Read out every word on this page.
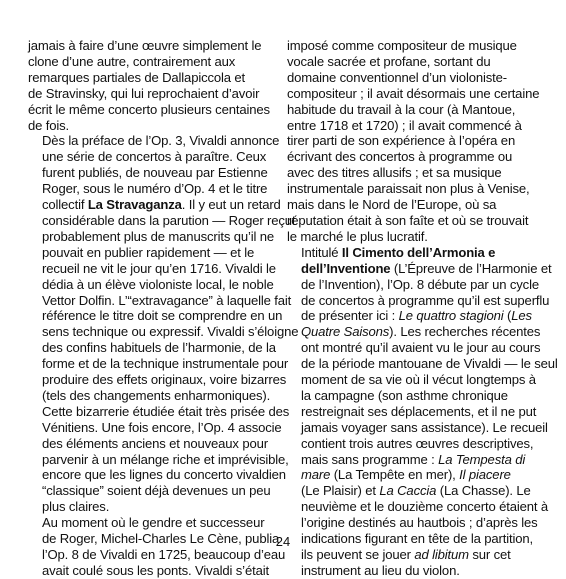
jamais à faire d’une œuvre simplement le
clone d’une autre, contrairement aux
remarques partiales de Dallapiccola et
de Stravinsky, qui lui reprochaient d’avoir
écrit le même concerto plusieurs centaines
de fois.

Dès la préface de l’Op. 3, Vivaldi annonce
une série de concertos à paraître. Ceux
furent publiés, de nouveau par Estienne
Roger, sous le numéro d’Op. 4 et le titre
collectif La Stravaganza. Il y eut un retard
considérable dans la parution — Roger reçut
probablement plus de manuscrits qu’il ne
pouvait en publier rapidement — et le
recueil ne vit le jour qu’en 1716. Vivaldi le
dédia à un élève violoniste local, le noble
Vettor Dolfin. L’“extravagance” à laquelle fait
référence le titre doit se comprendre en un
sens technique ou expressif. Vivaldi s’éloigne
des confins habituels de l’harmonie, de la
forme et de la technique instrumentale pour
produire des effets originaux, voire bizarres
(tels des changements enharmoniques).
Cette bizarrerie étudiée était très prisée des
Vénitiens. Une fois encore, l’Op. 4 associe
des éléments anciens et nouveaux pour
parvenir à un mélange riche et imprévisible,
encore que les lignes du concerto vivaldien
“classique” soient déjà devenues un peu
plus claires.

Au moment où le gendre et successeur
de Roger, Michel-Charles Le Cène, publia
l’Op. 8 de Vivaldi en 1725, beaucoup d’eau
avait coulé sous les ponts. Vivaldi s’était

imposé comme compositeur de musique
vocale sacrée et profane, sortant du
domaine conventionnel d’un violoniste-
compositeur ; il avait désormais une certaine
habitude du travail à la cour (à Mantoue,
entre 1718 et 1720) ; il avait commencé à
tirer parti de son expérience à l’opéra en
écrivant des concertos à programme ou
avec des titres allusifs ; et sa musique
instrumentale paraissait non plus à Venise,
mais dans le Nord de l’Europe, où sa
réputation était à son faîte et où se trouvait
le marché le plus lucratif.

Intitulé Il Cimento dell’Armonia e
dell’Inventione (L’Épreuve de l’Harmonie et
de l’Invention), l’Op. 8 débute par un cycle
de concertos à programme qu’il est superflu
de présenter ici : Le quattro stagioni (Les
Quatre Saisons). Les recherches récentes
ont montré qu’il avaient vu le jour au cours
de la période mantouane de Vivaldi — le seul
moment de sa vie où il vécut longtemps à
la campagne (son asthme chronique
restreignait ses déplacements, et il ne put
jamais voyager sans assistance). Le recueil
contient trois autres œuvres descriptives,
mais sans programme : La Tempesta di
mare (La Tempête en mer), Il piacere
(Le Plaisir) et La Caccia (La Chasse). Le
neuvième et le douzième concerto étaient à
l’origine destinés au hautbois ; d’après les
indications figurant en tête de la partition,
ils peuvent se jouer ad libitum sur cet
instrument au lieu du violon.

24
